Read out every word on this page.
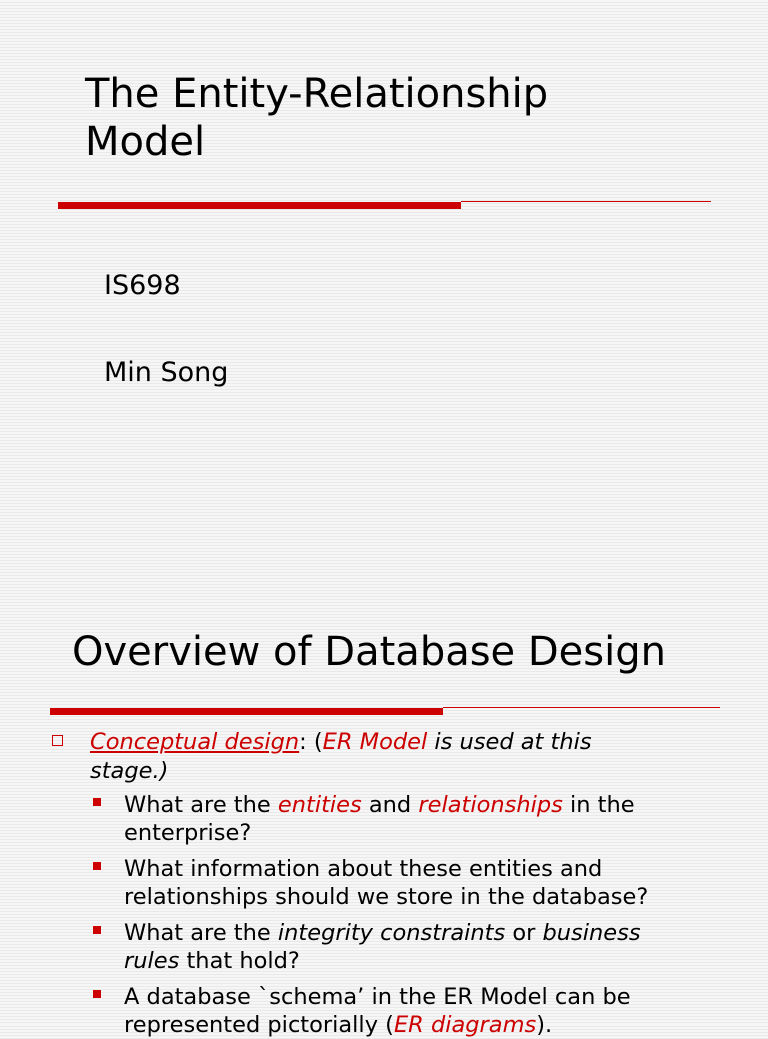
The Entity-Relationship
Model
IS698
Min Song
Overview of Database Design
Conceptual design: (ER Model is used at this
stage.)
What are the entities and relationships in the
enterprise?
What information about these entities and
relationships should we store in the database?
What are the integrity constraints or business
rules that hold?
A database `schema’ in the ER Model can be
represented pictorially (ER diagrams).
